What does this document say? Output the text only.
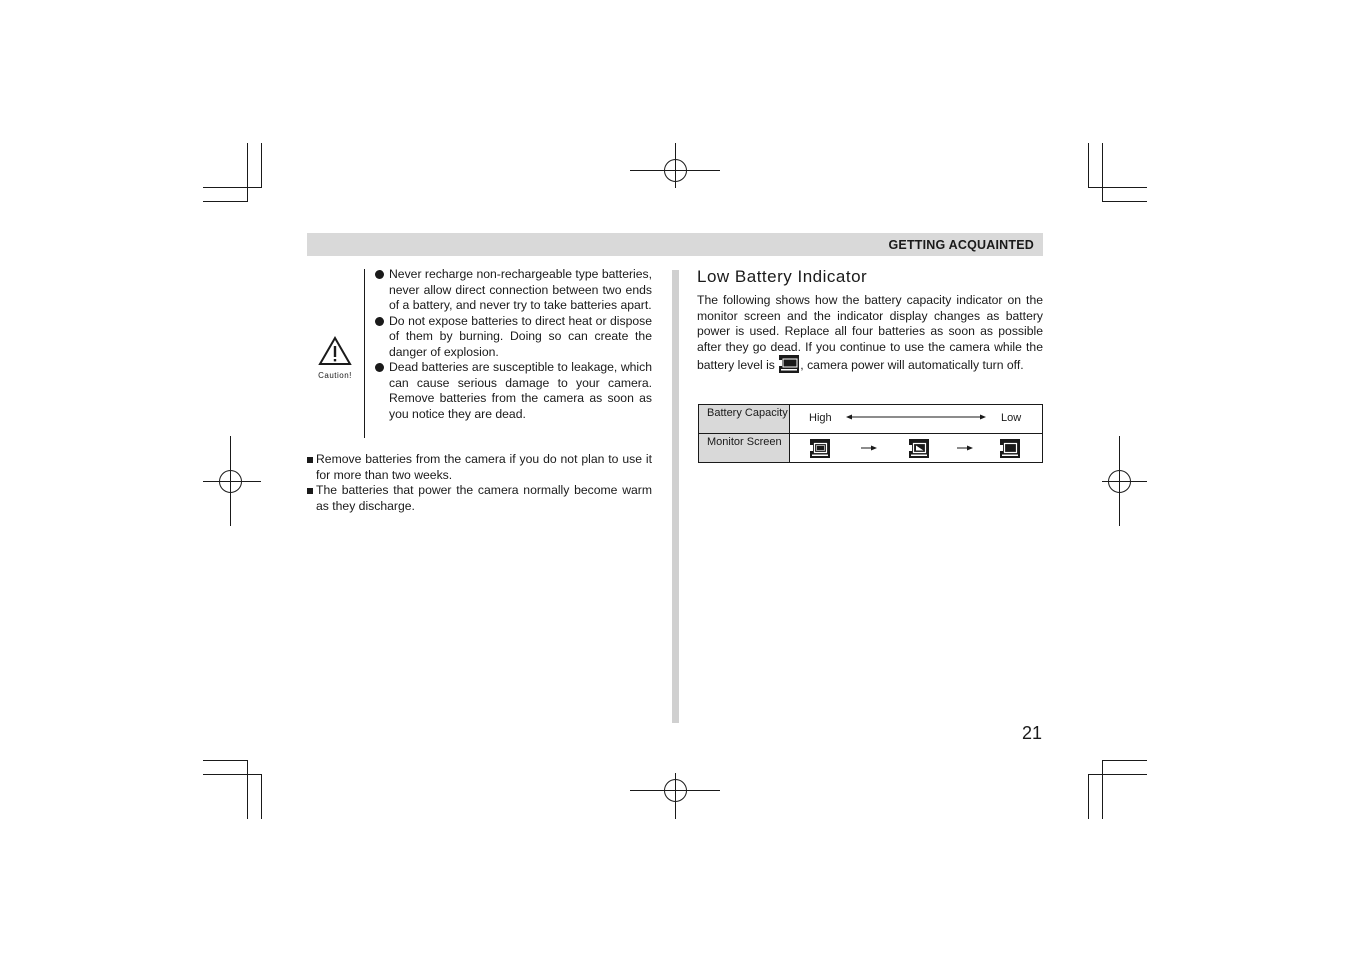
GETTING ACQUAINTED
Caution!
Never recharge non-rechargeable type batteries, never allow direct connection between two ends of a battery, and never try to take batteries apart.
Do not expose batteries to direct heat or dispose of them by burning. Doing so can create the danger of explosion.
Dead batteries are susceptible to leakage, which can cause serious damage to your camera. Remove batteries from the camera as soon as you notice they are dead.
Remove batteries from the camera if you do not plan to use it for more than two weeks.
The batteries that power the camera normally become warm as they discharge.
Low Battery Indicator

The following shows how the battery capacity indicator on the monitor screen and the indicator display changes as battery power is used. Replace all four batteries as soon as possible after they go dead. If you continue to use the camera while the battery level is , camera power will automatically turn off.

Battery Capacity High	Low
Monitor Screen
21
